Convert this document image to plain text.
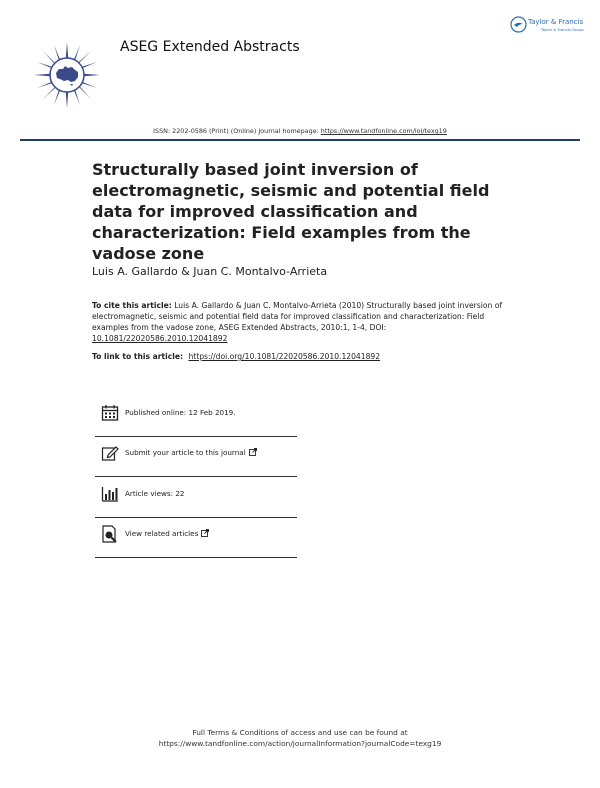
ASEG Extended Abstracts
Taylor & Francis
Taylor & Francis Group
ISSN: 2202-0586 (Print) (Online) Journal homepage: https://www.tandfonline.com/loi/texg19
Structurally based joint inversion of electromagnetic, seismic and potential field data for improved classification and characterization: Field examples from the vadose zone
Luis A. Gallardo & Juan C. Montalvo-Arrieta
To cite this article: Luis A. Gallardo & Juan C. Montalvo-Arrieta (2010) Structurally based joint inversion of electromagnetic, seismic and potential field data for improved classification and characterization: Field examples from the vadose zone, ASEG Extended Abstracts, 2010:1, 1-4, DOI: 10.1081/22020586.2010.12041892
To link to this article: https://doi.org/10.1081/22020586.2010.12041892
Published online: 12 Feb 2019.
Submit your article to this journal
Article views: 22
View related articles
Full Terms & Conditions of access and use can be found at
https://www.tandfonline.com/action/journalInformation?journalCode=texg19
